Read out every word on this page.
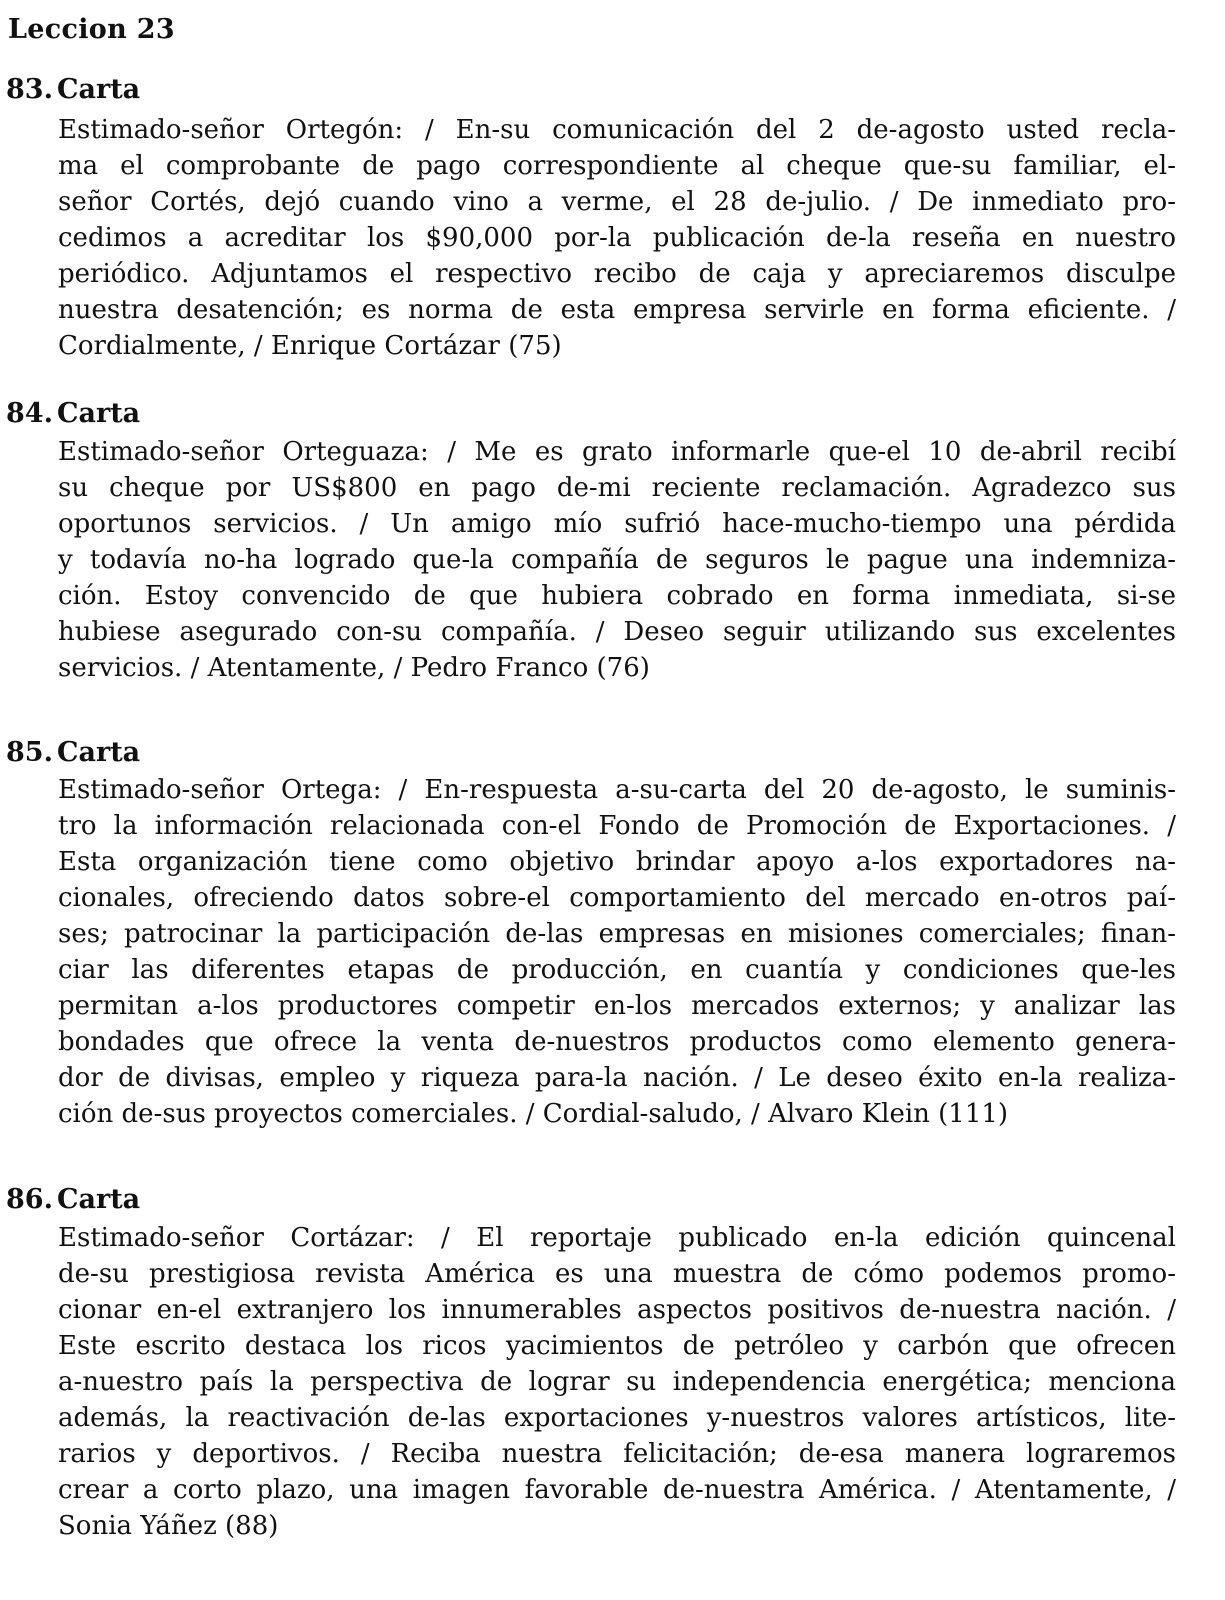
Leccion 23
83. Carta
Estimado-señor Ortegón: / En-su comunicación del 2 de-agosto usted recla-
ma el comprobante de pago correspondiente al cheque que-su familiar, el-
señor Cortés, dejó cuando vino a verme, el 28 de-julio. / De inmediato pro-
cedimos a acreditar los $90,000 por-la publicación de-la reseña en nuestro
periódico. Adjuntamos el respectivo recibo de caja y apreciaremos disculpe
nuestra desatención; es norma de esta empresa servirle en forma eficiente. /
Cordialmente, / Enrique Cortázar (75)
84. Carta
Estimado-señor Orteguaza: / Me es grato informarle que-el 10 de-abril recibí
su cheque por US$800 en pago de-mi reciente reclamación. Agradezco sus
oportunos servicios. / Un amigo mío sufrió hace-mucho-tiempo una pérdida
y todavía no-ha logrado que-la compañía de seguros le pague una indemniza-
ción. Estoy convencido de que hubiera cobrado en forma inmediata, si-se
hubiese asegurado con-su compañía. / Deseo seguir utilizando sus excelentes
servicios. / Atentamente, / Pedro Franco (76)
85. Carta
Estimado-señor Ortega: / En-respuesta a-su-carta del 20 de-agosto, le suminis-
tro la información relacionada con-el Fondo de Promoción de Exportaciones. /
Esta organización tiene como objetivo brindar apoyo a-los exportadores na-
cionales, ofreciendo datos sobre-el comportamiento del mercado en-otros paí-
ses; patrocinar la participación de-las empresas en misiones comerciales; finan-
ciar las diferentes etapas de producción, en cuantía y condiciones que-les
permitan a-los productores competir en-los mercados externos; y analizar las
bondades que ofrece la venta de-nuestros productos como elemento genera-
dor de divisas, empleo y riqueza para-la nación. / Le deseo éxito en-la realiza-
ción de-sus proyectos comerciales. / Cordial-saludo, / Alvaro Klein (111)
86. Carta
Estimado-señor Cortázar: / El reportaje publicado en-la edición quincenal
de-su prestigiosa revista América es una muestra de cómo podemos promo-
cionar en-el extranjero los innumerables aspectos positivos de-nuestra nación. /
Este escrito destaca los ricos yacimientos de petróleo y carbón que ofrecen
a-nuestro país la perspectiva de lograr su independencia energética; menciona
además, la reactivación de-las exportaciones y-nuestros valores artísticos, lite-
rarios y deportivos. / Reciba nuestra felicitación; de-esa manera lograremos
crear a corto plazo, una imagen favorable de-nuestra América. / Atentamente, /
Sonia Yáñez (88)
